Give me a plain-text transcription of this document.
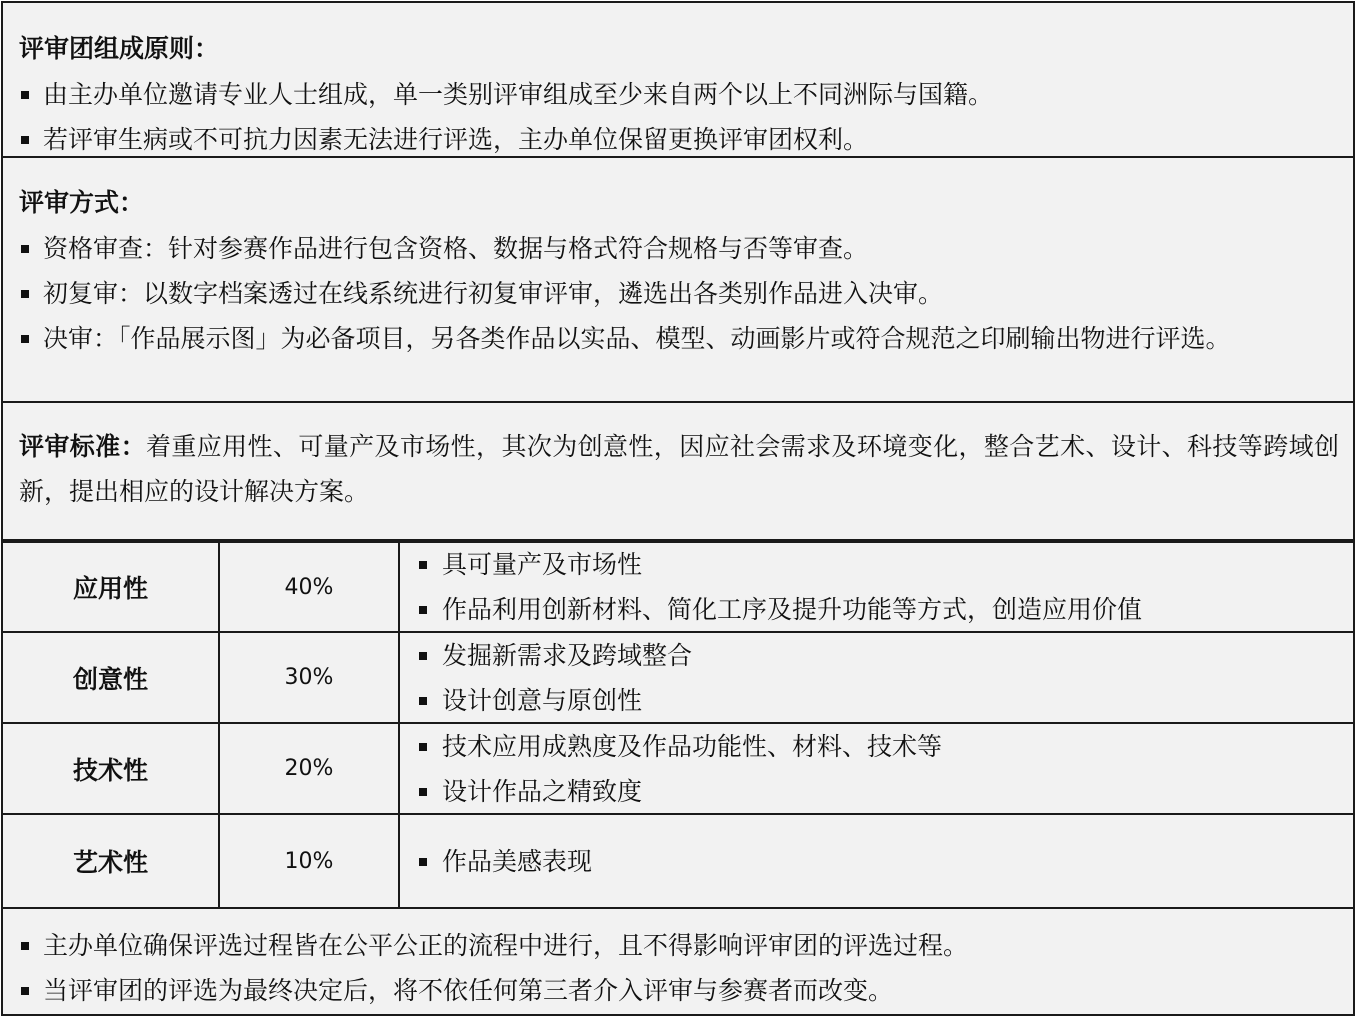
评审团组成原则：
由主办单位邀请专业人士组成，单一类别评审组成至少来自两个以上不同洲际与国籍。
若评审生病或不可抗力因素无法进行评选，主办单位保留更换评审团权利。
评审方式：
资格审查：针对参赛作品进行包含资格、数据与格式符合规格与否等审查。
初复审：以数字档案透过在线系统进行初复审评审，遴选出各类别作品进入决审。
决审：「作品展示图」为必备项目，另各类作品以实品、模型、动画影片或符合规范之印刷输出物进行评选。
评审标准：着重应用性、可量产及市场性，其次为创意性，因应社会需求及环境变化，整合艺术、设计、科技等跨域创新，提出相应的设计解决方案。
应用性	40%
具可量产及市场性
作品利用创新材料、简化工序及提升功能等方式，创造应用价值
创意性	30%
发掘新需求及跨域整合
设计创意与原创性
技术性	20%
技术应用成熟度及作品功能性、材料、技术等
设计作品之精致度
艺术性	10%	作品美感表现
主办单位确保评选过程皆在公平公正的流程中进行，且不得影响评审团的评选过程。
当评审团的评选为最终决定后，将不依任何第三者介入评审与参赛者而改变。
